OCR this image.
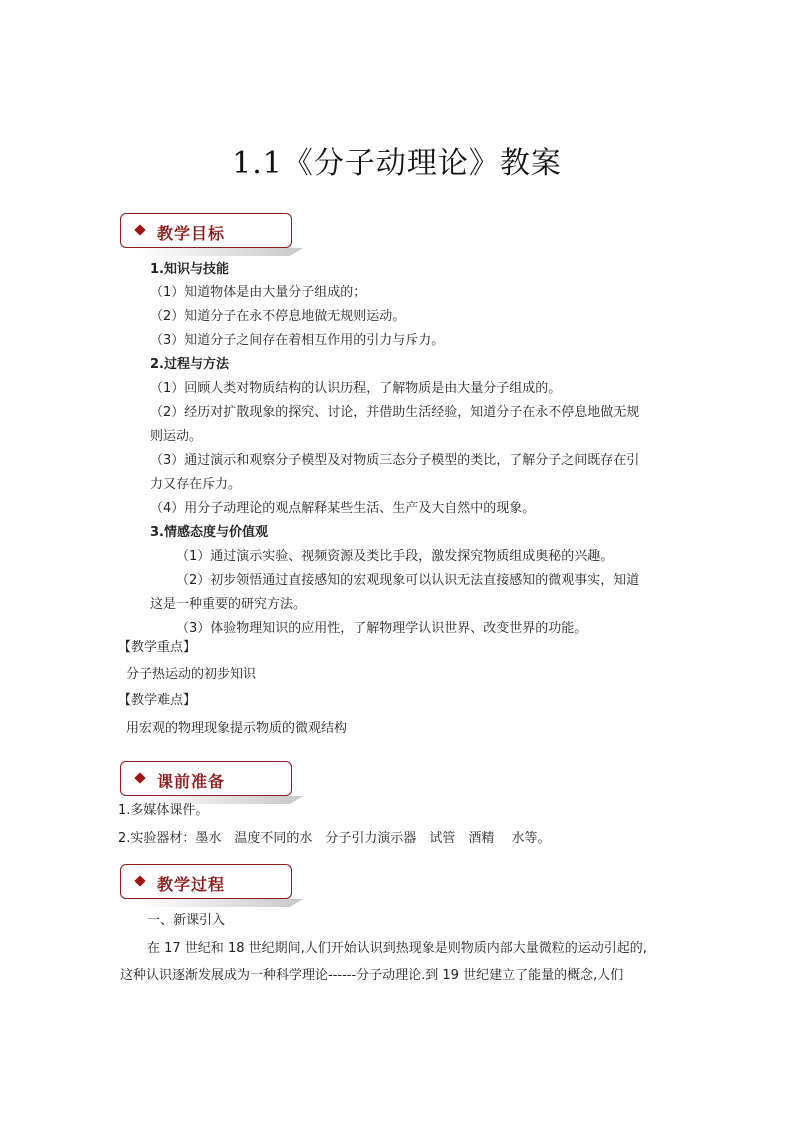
1.1《分子动理论》教案
教学目标
1.知识与技能
（1）知道物体是由大量分子组成的；
（2）知道分子在永不停息地做无规则运动。
（3）知道分子之间存在着相互作用的引力与斥力。
2.过程与方法
（1）回顾人类对物质结构的认识历程，了解物质是由大量分子组成的。
（2）经历对扩散现象的探究、讨论，并借助生活经验，知道分子在永不停息地做无规
则运动。
（3）通过演示和观察分子模型及对物质三态分子模型的类比，了解分子之间既存在引
力又存在斥力。
（4）用分子动理论的观点解释某些生活、生产及大自然中的现象。
3.情感态度与价值观
（1）通过演示实验、视频资源及类比手段，激发探究物质组成奥秘的兴趣。
（2）初步领悟通过直接感知的宏观现象可以认识无法直接感知的微观事实，知道
这是一种重要的研究方法。
（3）体验物理知识的应用性，了解物理学认识世界、改变世界的功能。
【教学重点】
分子热运动的初步知识
【教学难点】
用宏观的物理现象提示物质的微观结构
课前准备
1.多媒体课件。
2.实验器材：墨水　温度不同的水　分子引力演示器　试管　酒精　 水等。
教学过程
一、新课引入
在 17 世纪和 18 世纪期间,人们开始认识到热现象是则物质内部大量微粒的运动引起的,
这种认识逐渐发展成为一种科学理论------分子动理论.到 19 世纪建立了能量的概念,人们
